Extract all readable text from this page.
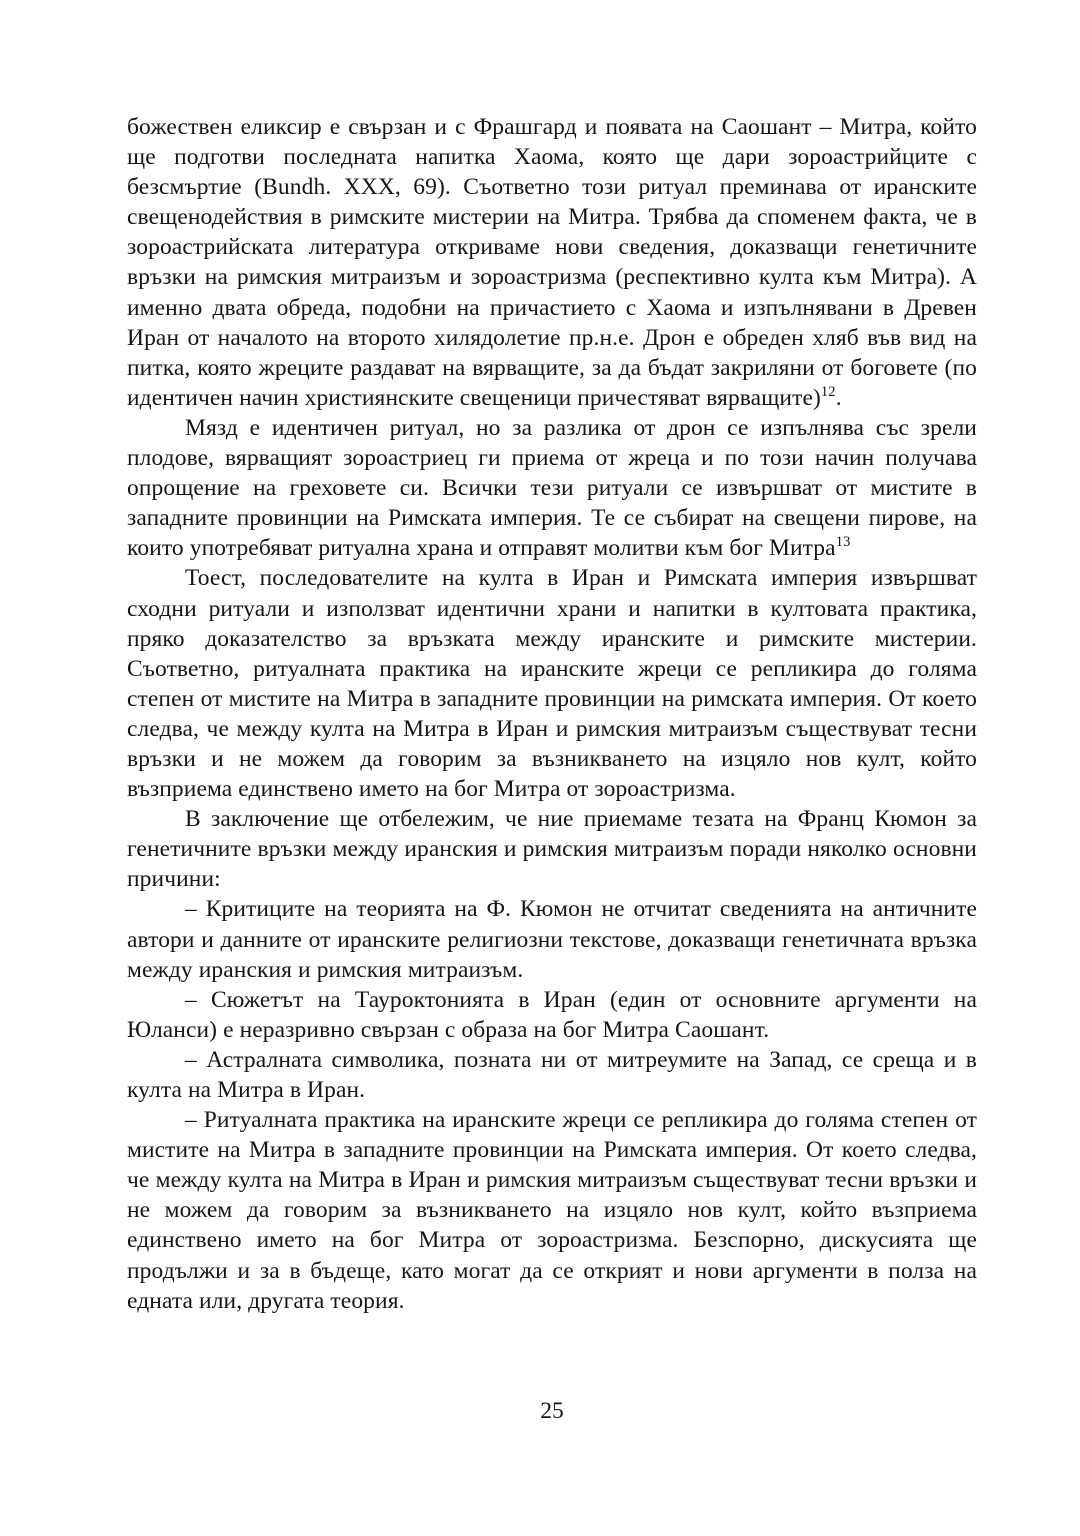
божествен еликсир е свързан и с Фрашгард и появата на Саошант – Митра, който ще подготви последната напитка Хаома, която ще дари зороастрийците с безсмъртие (Bundh. XXX, 69). Съответно този ритуал преминава от иранските свещенодействия в римските мистерии на Митра. Трябва да споменем факта, че в зороастрийската литература откриваме нови сведения, доказващи генетичните връзки на римския митраизъм и зороастризма (респективно култа към Митра). А именно двата обреда, подобни на причастието с Хаома и изпълнявани в Древен Иран от началото на второто хилядолетие пр.н.е. Дрон е обреден хляб във вид на питка, която жреците раздават на вярващите, за да бъдат закриляни от боговете (по идентичен начин християнските свещеници причестяват вярващите)$^{12}$.

Мязд е идентичен ритуал, но за разлика от дрон се изпълнява със зрели плодове, вярващият зороастриец ги приема от жреца и по този начин получава опрощение на греховете си. Всички тези ритуали се извършват от мистите в западните провинции на Римската империя. Те се събират на свещени пирове, на които употребяват ритуална храна и отправят молитви към бог Митра$^{13}$

Тоест, последователите на култа в Иран и Римската империя извършват сходни ритуали и използват идентични храни и напитки в култовата практика, пряко доказателство за връзката между иранските и римските мистерии. Съответно, ритуалната практика на иранските жреци се репликира до голяма степен от мистите на Митра в западните провинции на римската империя. От което следва, че между култа на Митра в Иран и римския митраизъм съществуват тесни връзки и не можем да говорим за възникването на изцяло нов култ, който възприема единствено името на бог Митра от зороастризма.

В заключение ще отбележим, че ние приемаме тезата на Франц Кюмон за генетичните връзки между иранския и римския митраизъм поради няколко основни причини:

– Критиците на теорията на Ф. Кюмон не отчитат сведенията на античните автори и данните от иранските религиозни текстове, доказващи генетичната връзка между иранския и римския митраизъм.

– Сюжетът на Тауроктонията в Иран (един от основните аргументи на Юланси) е неразривно свързан с образа на бог Митра Саошант.

– Астралната символика, позната ни от митреумите на Запад, се среща и в култа на Митра в Иран.

– Ритуалната практика на иранските жреци се репликира до голяма степен от мистите на Митра в западните провинции на Римската империя. От което следва, че между култа на Митра в Иран и римския митраизъм съществуват тесни връзки и не можем да говорим за възникването на изцяло нов култ, който възприема единствено името на бог Митра от зороастризма. Безспорно, дискусията ще продължи и за в бъдеще, като могат да се открият и нови аргументи в полза на едната или, другата теория.

25
